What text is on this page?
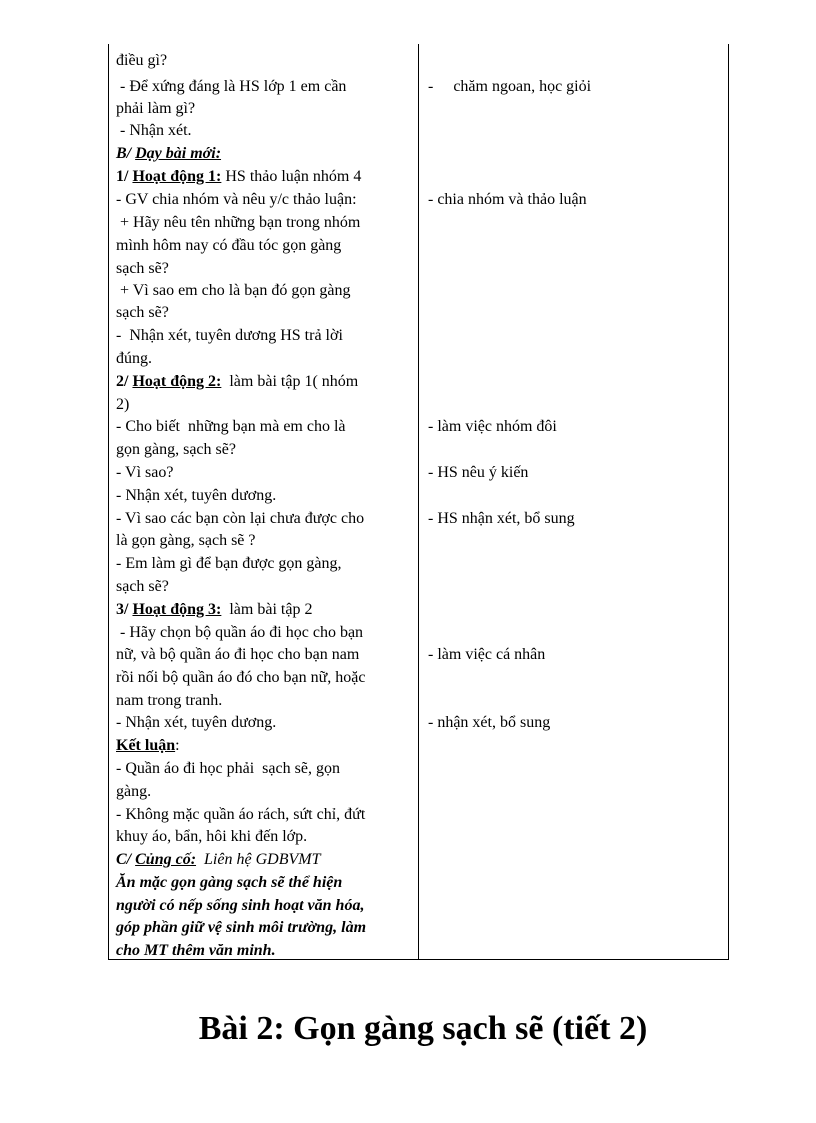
điều gì?
- Để xứng đáng là HS lớp 1 em cần
phải làm gì?
- Nhận xét.
B/ Dạy bài mới:
1/ Hoạt động 1: HS thảo luận nhóm 4
- GV chia nhóm và nêu y/c thảo luận:
+ Hãy nêu tên những bạn trong nhóm
mình hôm nay có đầu tóc gọn gàng
sạch sẽ?
+ Vì sao em cho là bạn đó gọn gàng
sạch sẽ?
-  Nhận xét, tuyên dương HS trả lời
đúng.
2/ Hoạt động 2:  làm bài tập 1( nhóm
2)
- Cho biết  những bạn mà em cho là
gọn gàng, sạch sẽ?
- Vì sao?
- Nhận xét, tuyên dương.
- Vì sao các bạn còn lại chưa được cho
là gọn gàng, sạch sẽ ?
- Em làm gì để bạn được gọn gàng,
sạch sẽ?
3/ Hoạt động 3:  làm bài tập 2
- Hãy chọn bộ quần áo đi học cho bạn
nữ, và bộ quần áo đi học cho bạn nam
rồi nối bộ quần áo đó cho bạn nữ, hoặc
nam trong tranh.
- Nhận xét, tuyên dương.
Kết luận:
- Quần áo đi học phải  sạch sẽ, gọn
gàng.
- Không mặc quần áo rách, sứt chỉ, đứt
khuy áo, bẩn, hôi khi đến lớp.
C/ Củng cố:  Liên hệ GDBVMT
Ăn mặc gọn gàng sạch sẽ thể hiện
người có nếp sống sinh hoạt văn hóa,
góp phần giữ vệ sinh môi trường, làm
cho MT thêm văn minh.
-     chăm ngoan, học giỏi
- chia nhóm và thảo luận
- làm việc nhóm đôi
- HS nêu ý kiến
- HS nhận xét, bổ sung
- làm việc cá nhân
- nhận xét, bổ sung
Bài 2: Gọn gàng sạch sẽ (tiết 2)
